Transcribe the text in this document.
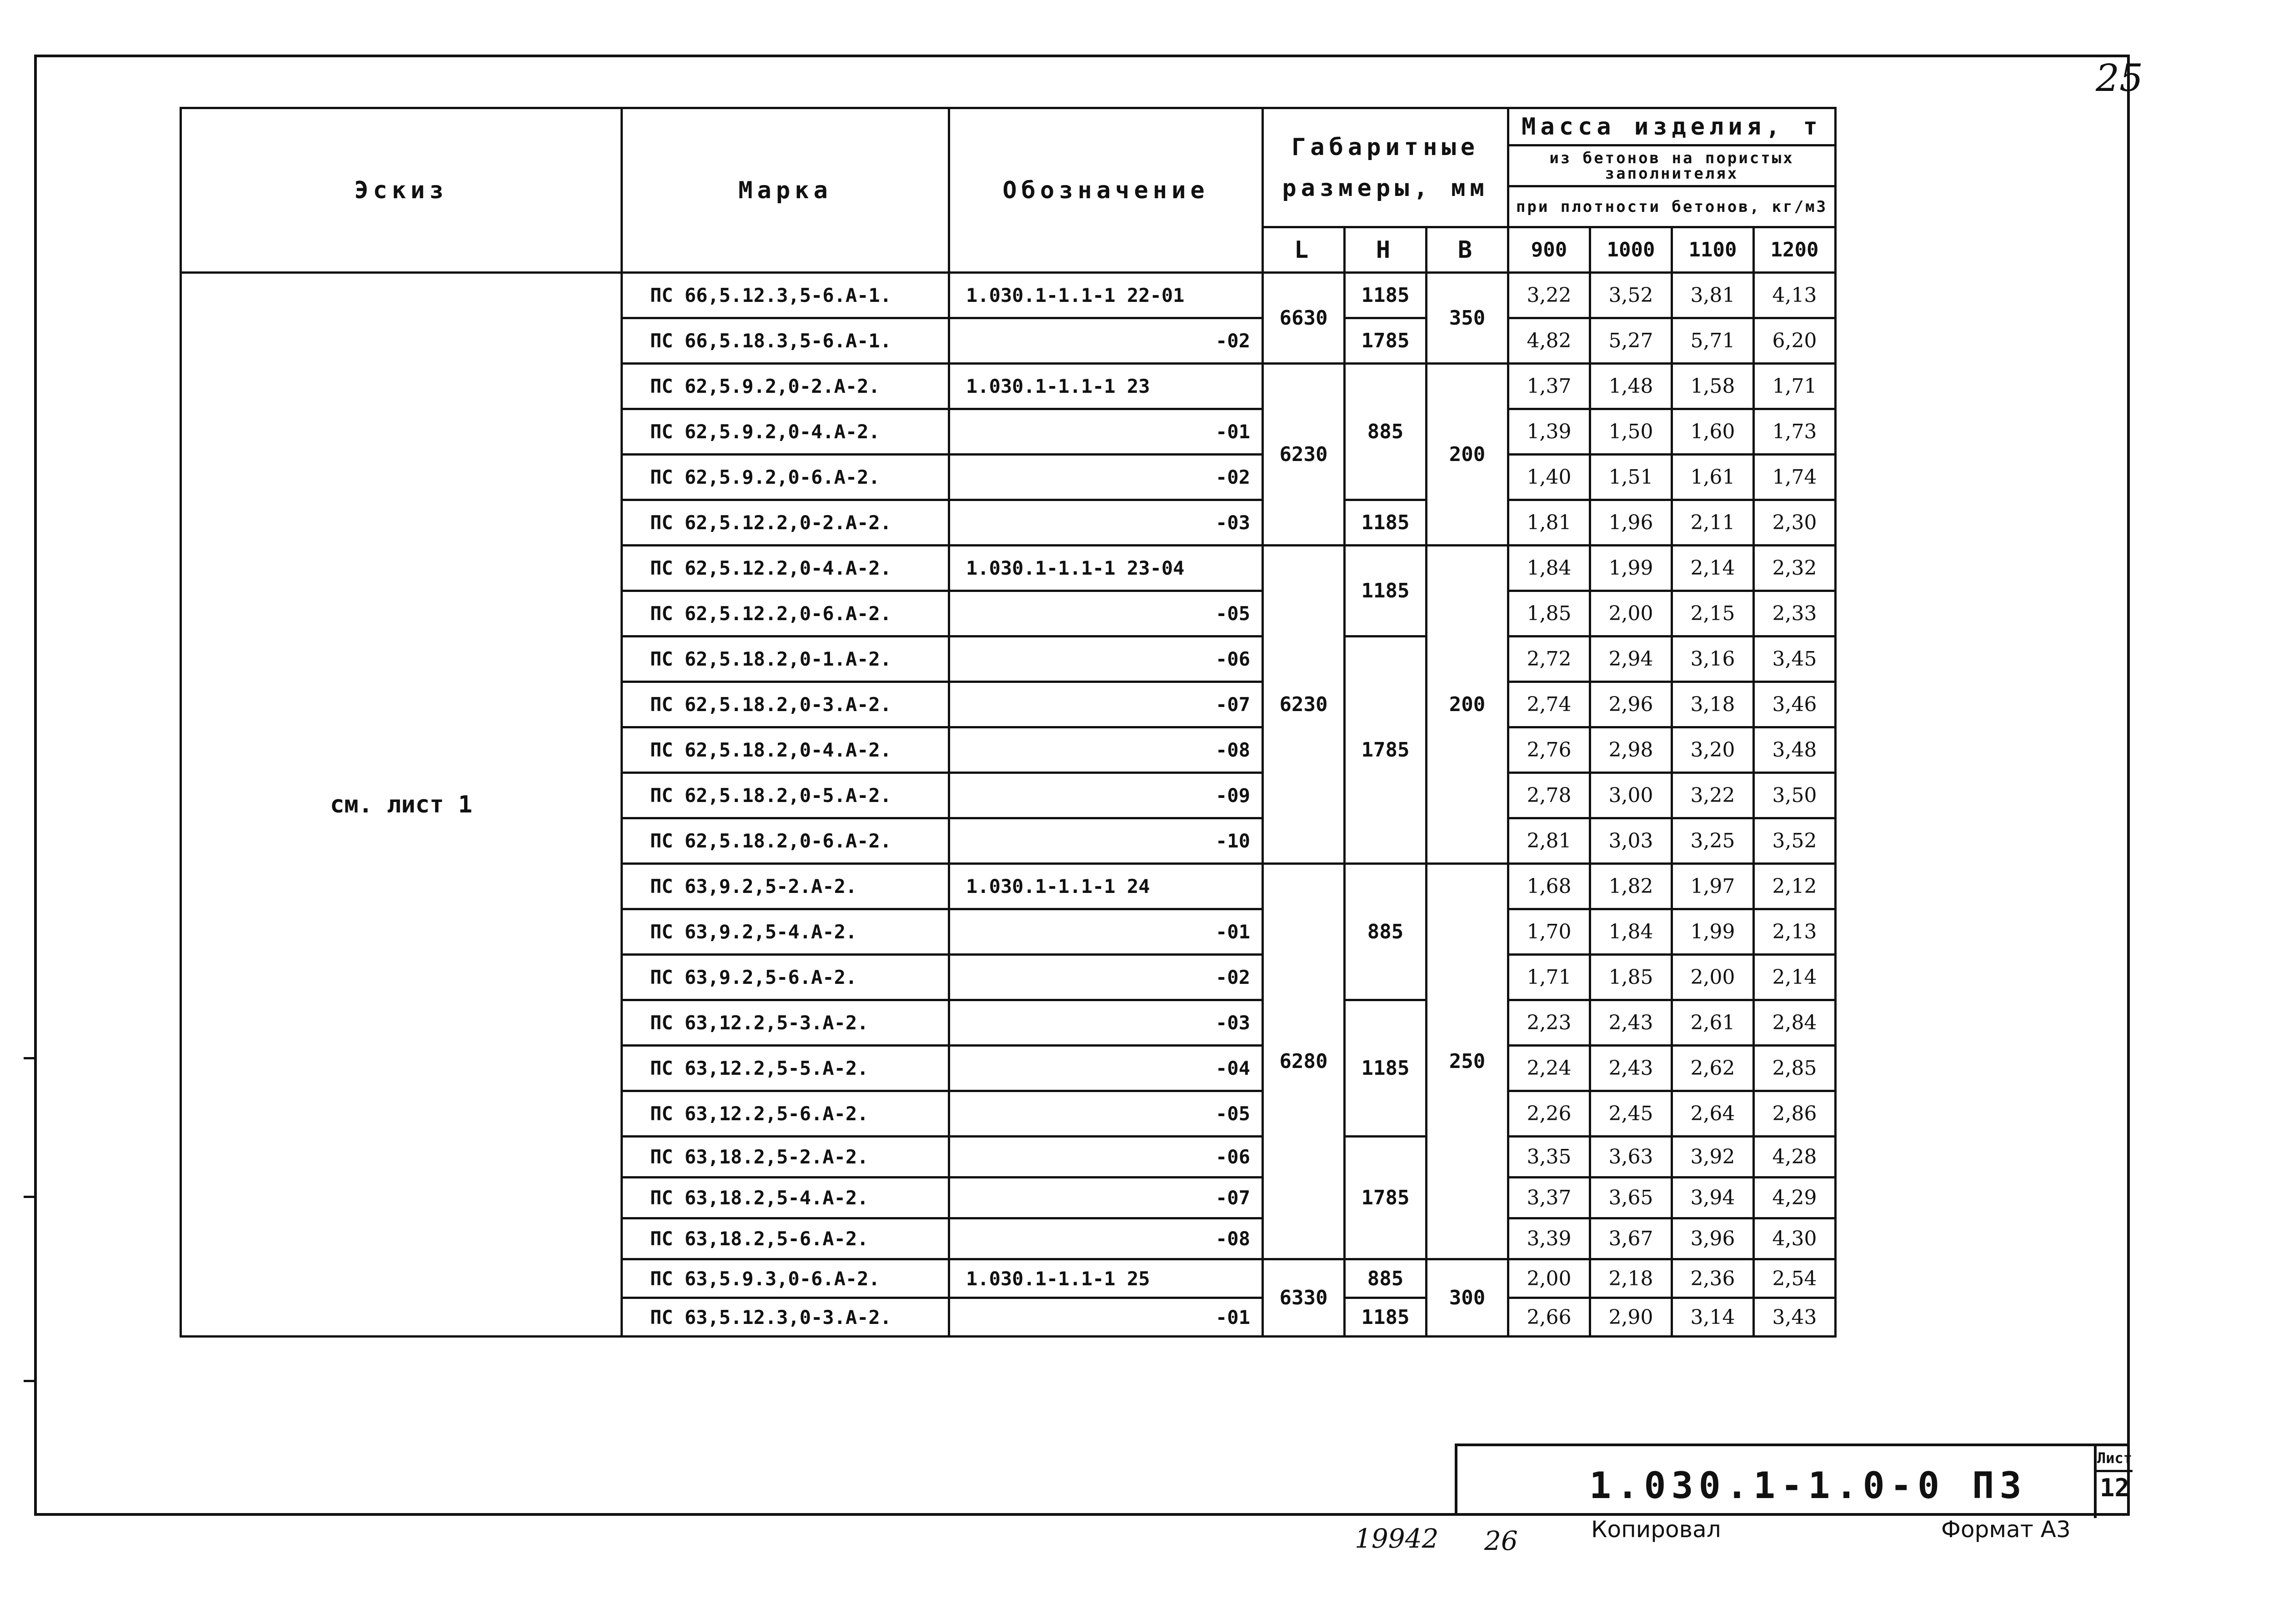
25
Эскиз	Марка	Обозначение	Габаритные размеры, мм			Масса изделия, т			
						из бетонов на пористых заполнителях			
						при плотности бетонов, кг/м3			
			L	H	B	900	1000	1100	1200
см. лист 1	ПС 66,5.12.3,5-6.А-1.	1.030.1-1.1-1 22-01	6630	1185	350	3,22	3,52	3,81	4,13
	ПС 66,5.18.3,5-6.А-1.	-02		1785		4,82	5,27	5,71	6,20
	ПС 62,5.9.2,0-2.А-2.	1.030.1-1.1-1 23	6230	885	200	1,37	1,48	1,58	1,71
	ПС 62,5.9.2,0-4.А-2.	-01				1,39	1,50	1,60	1,73
	ПС 62,5.9.2,0-6.А-2.	-02				1,40	1,51	1,61	1,74
	ПС 62,5.12.2,0-2.А-2.	-03		1185		1,81	1,96	2,11	2,30
	ПС 62,5.12.2,0-4.А-2.	1.030.1-1.1-1 23-04	6230	1185	200	1,84	1,99	2,14	2,32
	ПС 62,5.12.2,0-6.А-2.	-05				1,85	2,00	2,15	2,33
	ПС 62,5.18.2,0-1.А-2.	-06		1785		2,72	2,94	3,16	3,45
	ПС 62,5.18.2,0-3.А-2.	-07				2,74	2,96	3,18	3,46
	ПС 62,5.18.2,0-4.А-2.	-08				2,76	2,98	3,20	3,48
	ПС 62,5.18.2,0-5.А-2.	-09				2,78	3,00	3,22	3,50
	ПС 62,5.18.2,0-6.А-2.	-10				2,81	3,03	3,25	3,52
	ПС 63,9.2,5-2.А-2.	1.030.1-1.1-1 24	6280	885	250	1,68	1,82	1,97	2,12
	ПС 63,9.2,5-4.А-2.	-01				1,70	1,84	1,99	2,13
	ПС 63,9.2,5-6.А-2.	-02				1,71	1,85	2,00	2,14
	ПС 63,12.2,5-3.А-2.	-03		1185		2,23	2,43	2,61	2,84
	ПС 63,12.2,5-5.А-2.	-04				2,24	2,43	2,62	2,85
	ПС 63,12.2,5-6.А-2.	-05				2,26	2,45	2,64	2,86
	ПС 63,18.2,5-2.А-2.	-06		1785		3,35	3,63	3,92	4,28
	ПС 63,18.2,5-4.А-2.	-07				3,37	3,65	3,94	4,29
	ПС 63,18.2,5-6.А-2.	-08				3,39	3,67	3,96	4,30
	ПС 63,5.9.3,0-6.А-2.	1.030.1-1.1-1 25	6330	885	300	2,00	2,18	2,36	2,54
	ПС 63,5.12.3,0-3.А-2.	-01		1185		2,66	2,90	3,14	3,43
1.030.1-1.0-0 ПЗ
Лист
12
19942 26	Копировал	Формат А3
